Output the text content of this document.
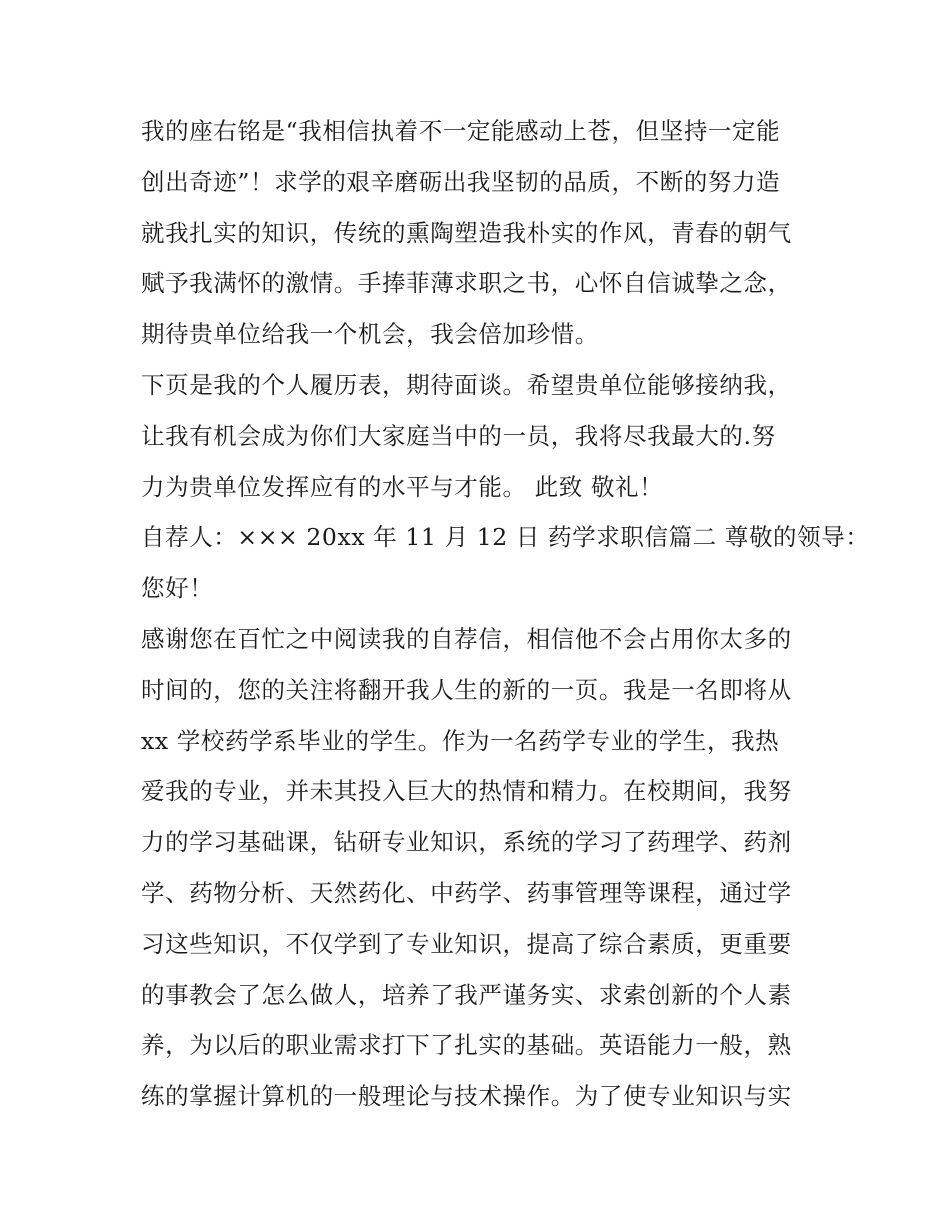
我的座右铭是“我相信执着不一定能感动上苍，但坚持一定能
创出奇迹”！求学的艰辛磨砺出我坚韧的品质，不断的努力造
就我扎实的知识，传统的熏陶塑造我朴实的作风，青春的朝气
赋予我满怀的激情。手捧菲薄求职之书，心怀自信诚挚之念，
期待贵单位给我一个机会，我会倍加珍惜。
下页是我的个人履历表，期待面谈。希望贵单位能够接纳我，
让我有机会成为你们大家庭当中的一员，我将尽我最大的.努
力为贵单位发挥应有的水平与才能。 此致 敬礼！
自荐人：××× 20xx 年 11 月 12 日 药学求职信篇二 尊敬的领导：
您好！
感谢您在百忙之中阅读我的自荐信，相信他不会占用你太多的
时间的，您的关注将翻开我人生的新的一页。我是一名即将从
xx 学校药学系毕业的学生。作为一名药学专业的学生，我热
爱我的专业，并未其投入巨大的热情和精力。在校期间，我努
力的学习基础课，钻研专业知识，系统的学习了药理学、药剂
学、药物分析、天然药化、中药学、药事管理等课程，通过学
习这些知识，不仅学到了专业知识，提高了综合素质，更重要
的事教会了怎么做人，培养了我严谨务实、求索创新的个人素
养，为以后的职业需求打下了扎实的基础。英语能力一般，熟
练的掌握计算机的一般理论与技术操作。为了使专业知识与实
